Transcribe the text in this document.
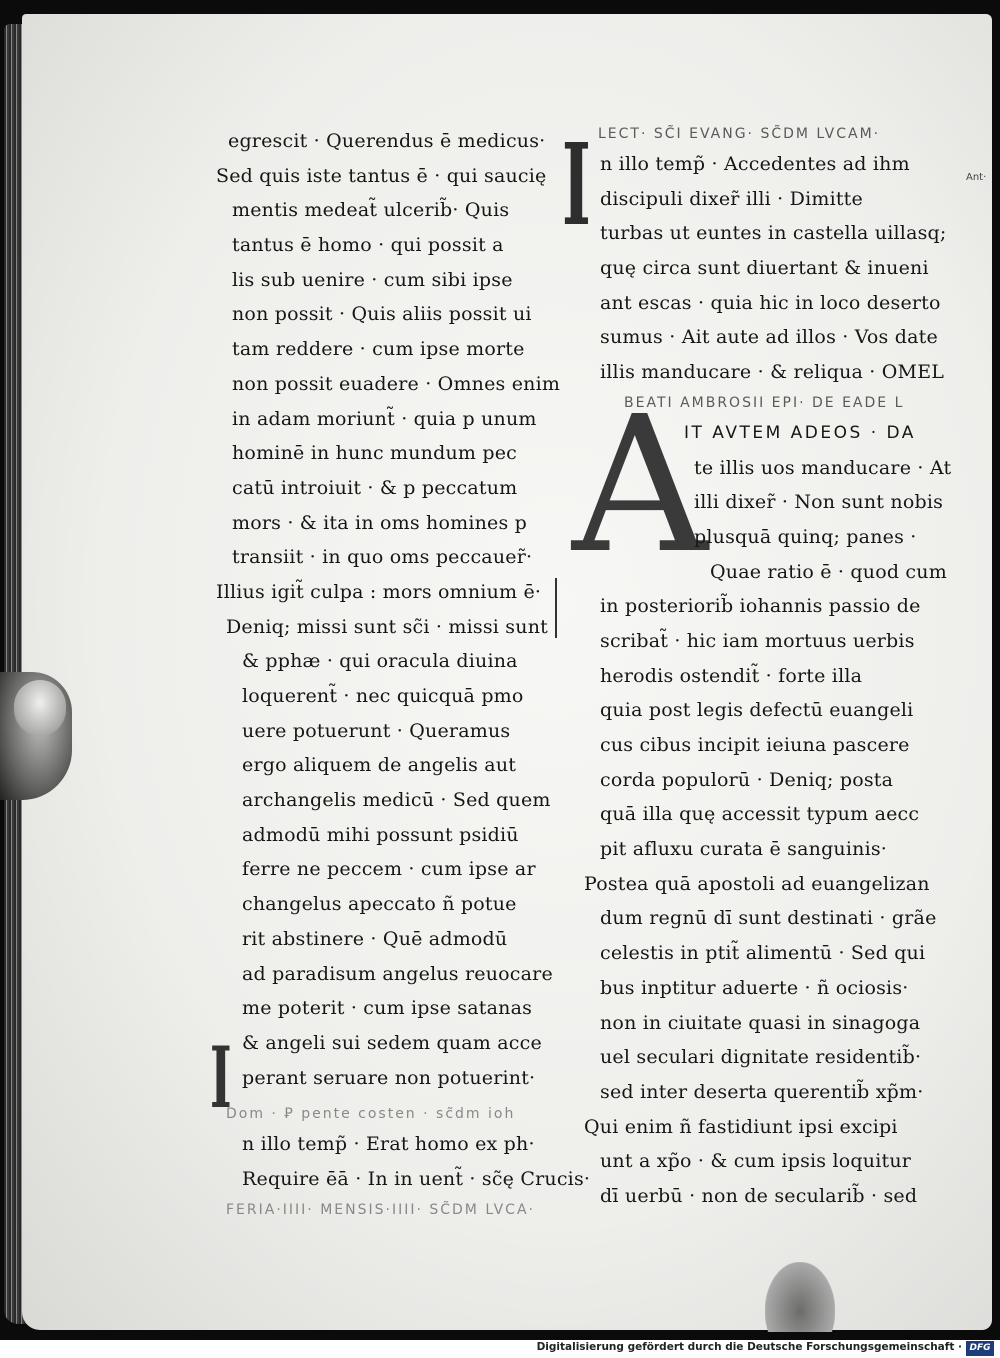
I
A
I
Ant·
egrescit · Querendus ē medicus·
Sed quis iste tantus ē · qui saucię
mentis medeat̃ ulcerib̃· Quis
tantus ē homo · qui possit a
lis sub uenire · cum sibi ipse
non possit · Quis aliis possit ui
tam reddere · cum ipse morte
non possit euadere · Omnes enim
in adam moriunt̃ · quia p unum
hominē in hunc mundum pec
catū introiuit · & p peccatum
mors · & ita in oms homines p
transiit · in quo oms peccauer̃·
Illius igit̃ culpa : mors omnium ē·
Deniq; missi sunt sc̃i · missi sunt
& pphæ · qui oracula diuina
loquerent̃ · nec quicquā pmo
uere potuerunt · Queramus
ergo aliquem de angelis aut
archangelis medicū · Sed quem
admodū mihi possunt psidiū
ferre ne peccem · cum ipse ar
changelus apeccato ñ potue
rit abstinere · Quē admodū
ad paradisum angelus reuocare
me poterit · cum ipse satanas
& angeli sui sedem quam acce
perant seruare non potuerint·
Dom · Ꝑ pente costen · sc̃dm ioh
n illo temp̃ · Erat homo ex ph·
Require ēā · In in uent̃ · sc̃ę Crucis·
FERIA·IIII· MENSIS·IIII· SC̃DM LVCA·
LECT· SC̃I EVANG· SC̃DM LVCAM·
n illo temp̃ · Accedentes ad ihm
discipuli dixer̃ illi · Dimitte
turbas ut euntes in castella uillasq;
quę circa sunt diuertant & inueni
ant escas · quia hic in loco deserto
sumus · Ait aute ad illos · Vos date
illis manducare · & reliqua · OMEL
BEATI AMBROSII EPI· DE EADE L
IT AVTEM ADEOS · DA
te illis uos manducare · At
illi dixer̃ · Non sunt nobis
plusquā quinq; panes ·
Quae ratio ē · quod cum
in posteriorib̃ iohannis passio de
scribat̃ · hic iam mortuus uerbis
herodis ostendit̃ · forte illa
quia post legis defectū euangeli
cus cibus incipit ieiuna pascere
corda populorū · Deniq; posta
quā illa quę accessit typum aecc
pit afluxu curata ē sanguinis·
Postea quā apostoli ad euangelizan
dum regnū dī sunt destinati · grãe
celestis in ptit̃ alimentū · Sed qui
bus inptitur aduerte · ñ ociosis·
non in ciuitate quasi in sinagoga
uel seculari dignitate residentib̃·
sed inter deserta querentib̃ xp̃m·
Qui enim ñ fastidiunt ipsi excipi
unt a xp̃o · & cum ipsis loquitur
dī uerbū · non de secularib̃ · sed
Digitalisierung gefördert durch die Deutsche Forschungsgemeinschaft · DFG
